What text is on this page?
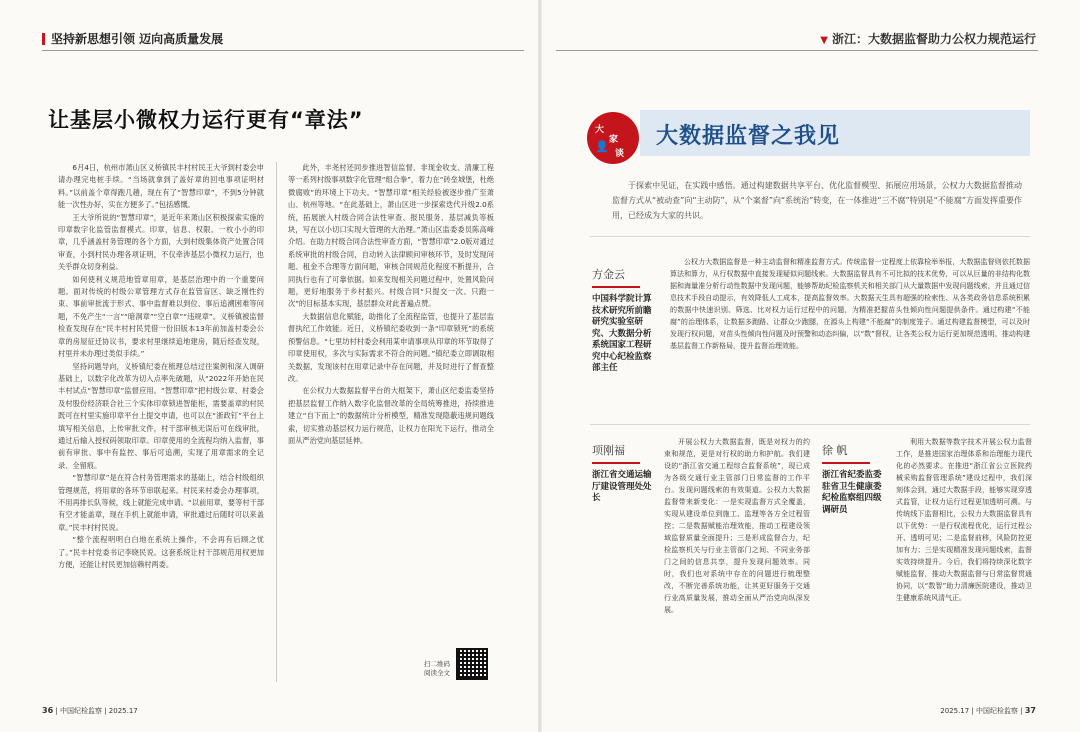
坚持新思想引领 迈向高质量发展
让基层小微权力运行更有“章法”

6月4日，杭州市萧山区义桥镇民丰村村民王大爷到村委会申请办理完电桩手续。“当场就拿到了盖好章的回电事项证明材料。”以前盖个章得跑几趟，现在有了“智慧印章”，不到5分钟就能一次性办好，实在方便多了。”包括感慨。

王大爷所说的“智慧印章”，是近年来萧山区积极探索实施的印章数字化监管监督模式。印章，信息、权限。一枚小小的印章，几乎涵盖村务管理的各个方面，大到村级集体资产处置合同审查，小到村民办理各项证明，不仅牵涉基层小微权力运行，也关乎群众切身利益。

如何使利义规范地管章用章，是基层治理中的一个重要问题。面对传统的村级公章管理方式存在监管盲区、缺乏刚性约束、事前审批流于形式、事中监督难以到位、事后追溯困难等问题，不免产生“一言”“暗洞章”“空白章”“违规章”。义桥镇被监督检查发现存在“民丰村村民凭借一份旧版本13年前加盖村委会公章的房屋征迁协议书，要求村里继续追地建房，随后经查发现，村里并未办理过类似手续。”

坚持问题导向，义桥镇纪委在梳理总结过往案例和深入调研基础上，以数字化改革为切入点率先破题，从“2022年开始在民丰村试点“智慧印章”监督应用。“智慧印章”把村级公章、村委会及村股份经济联合社三个实体印章锁进智能柜，需要盖章的村民既可在村里实施印章平台上提交申请，也可以在“浙政钉”平台上填写相关信息，上传审批文件，村干部审核无误后可在线审批，通过后输入授权码领取印章。印章使用的全流程均纳入监督，事前有审批、事中有监控、事后可追溯，实现了用章需求的全记录、全留痕。

“智慧印章”是在符合村务管理需求的基础上，结合村级组织管理规范，将用章的各环节串联起来。村民来村委会办理事项，不用再排长队等候，线上就能完成申请。“以前用章，要等村干部有空才能盖章，现在手机上就能申请，审批通过后随时可以来盖章。”民丰村村民说。

“整个流程明明白白地在系统上操作，不会再有后顾之忧了。”民丰村党委书记李晓民说。这套系统让村干部规范用权更加方便，还能让村民更加信赖村两委。

此外，丰尧村还同步推进智信监督、非现金收支、清廉工程等一系列村级事项数字化管理“组合拳”，着力在“砖垒城堡，杜绝微腐败”的环境上下功夫。“智慧印章”相关经验被逐步推广至萧山、杭州等地。“在此基础上，萧山区进一步探索迭代升级2.0系统，拓展嵌入村级合同合法性审查、报民服务、基层减负等板块，写在以小切口实现大管理的大治理。”萧山区监委委员陈高峰介绍。在助力村级合同合法性审查方面，“智慧印章”2.0版对通过系统审批的村级合同，自动转入法律顾问审核环节，及时发现问题、租金不合理等方面问题，审核合同规范化程度不断提升，合同执行也有了可靠依据。如来发现相关问题过程中，处置风险问题，更好地服务于乡村振兴。村级合同“只提交一次、只跑一次”的目标基本实现，基层群众对此普遍点赞。

大数据信息化赋能，助推化了全流程监管，也提升了基层监督执纪工作效能。近日，义桥镇纪委收到一条“印章锁死”的系统预警信息。“七里坊村村委会利用某申请事项从印章的环节取得了印章使用权，多次与实际需求不符合的问题。”镇纪委立即调取相关数据，发现该村在用章记录中存在问题，并及时进行了督查整改。

在公权力大数据监督平台的大框架下，萧山区纪委监委坚持把基层监督工作纳入数字化监督改革的全局统筹推进，持续推进建立“自下而上”的数据统计分析模型，精准发现隐蔽违规问题线索，切实推动基层权力运行规范，让权力在阳光下运行，推动全面从严治党向基层延伸。

扫二维码阅读全文
36 | 中国纪检监察 | 2025.17
▼ 浙江：大数据监督助力公权力规范运行
大
家
谈
👤 大数据监督之我见
于探索中见证，在实践中感悟。通过构建数据共享平台、优化监督模型、拓展应用场景，公权力大数据监督推动监督方式从“被动查”向“主动防”、从“个案督”向“系统治”转变，在一体推进“三不腐”特别是“不能腐”方面发挥重要作用，已经成为大家的共识。
方金云
中国科学院计算技术研究所前瞻研究实验室研究、大数据分析系统国家工程研究中心纪检监察部主任

公权力大数据监督是一种主动监督和精准监督方式。传统监督一定程度上依靠检举举报，大数据监督则依托数据算法和算力，从行权数据中直接发现疑似问题线索。大数据监督具有不可比拟的技术优势，可以从巨量的非结构化数据和海量准分析行动性数据中发现问题，能够帮助纪检监察机关和相关部门从大量数据中发现问题线索，并且通过信息技术手段自动提示，有效降低人工成本，提高监督效率。大数据天生具有超强的检索性、从各类政务信息系统积累的数据中快速识别、筛选、比对权力运行过程中的问题，为精准把握苗头性倾向性问题提供条件。通过构建“不能腐”的治理体系，让数据多跑路、让群众少跑腿，在源头上构建“不能腐”的制度笼子。通过构建监督模型，可以及时发现行权问题，对苗头性倾向性问题及时预警和动态纠偏，以“数”督权，让各类公权力运行更加规范透明，推动构建基层监督工作新格局，提升监督治理效能。

项刚福
浙江省交通运输厅建设管理处处长

开展公权力大数据监督，既是对权力的约束和规范，更是对行权的助力和护航。我们建设的“浙江省交通工程综合监督系统”，现已成为各级交通行业主管部门日常监督的工作平台。发现问题线索的有效渠道。公权力大数据监督带来新变化：一是实现监督方式全覆盖，实现从建设单位到施工、监理等各方全过程管控；二是数据赋能治理效能，推动工程建设领域监督质量全面提升；三是形成监督合力，纪检监察机关与行业主管部门之间、不同业务部门之间的信息共享，提升发现问题效率。同时，我们也对系统中存在的问题进行梳理整改，不断完善系统功能，让其更好服务于交通行业高质量发展，推动全面从严治党向纵深发展。

徐 帆
浙江省纪委监委驻省卫生健康委纪检监察组四级调研员

利用大数据等数字技术开展公权力监督工作，是推进国家治理体系和治理能力现代化的必然要求。在推进“浙江省公立医院药械采购监督管理系统”建设过程中，我们深刻体会到，通过大数据手段，能够实现穿透式监管，让权力运行过程更加透明可溯。与传统线下监督相比，公权力大数据监督具有以下优势：一是行权流程优化，运行过程公开、透明可见；二是监督前移，风险防控更加有力；三是实现精准发现问题线索，监督实效持续提升。今后，我们将持续深化数字赋能监督，推动大数据监督与日常监督贯通协同，以“数智”助力清廉医院建设，推动卫生健康系统风清气正。

2025.17 | 中国纪检监察 | 37
